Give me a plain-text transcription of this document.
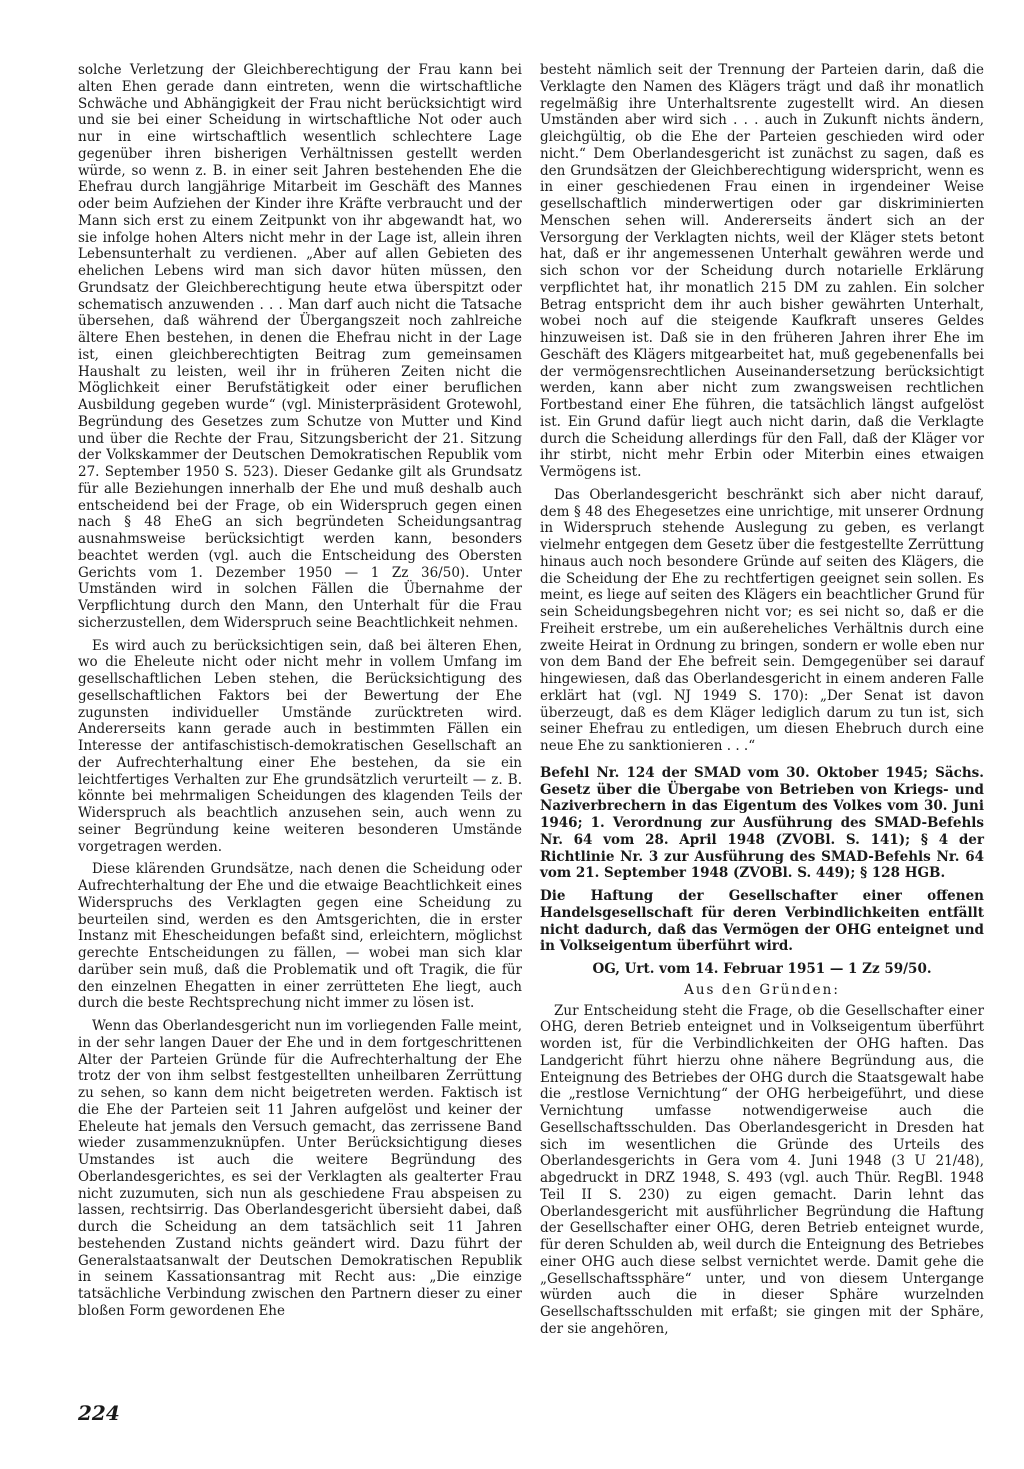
solche Verletzung der Gleichberechtigung der Frau kann bei alten Ehen gerade dann eintreten, wenn die wirtschaftliche Schwäche und Abhängigkeit der Frau nicht berücksichtigt wird und sie bei einer Scheidung in wirtschaftliche Not oder auch nur in eine wirtschaftlich wesentlich schlechtere Lage gegenüber ihren bisherigen Verhältnissen gestellt werden würde, so wenn z. B. in einer seit Jahren bestehenden Ehe die Ehefrau durch langjährige Mitarbeit im Geschäft des Mannes oder beim Aufziehen der Kinder ihre Kräfte verbraucht und der Mann sich erst zu einem Zeitpunkt von ihr abgewandt hat, wo sie infolge hohen Alters nicht mehr in der Lage ist, allein ihren Lebensunterhalt zu verdienen. „Aber auf allen Gebieten des ehelichen Lebens wird man sich davor hüten müssen, den Grundsatz der Gleichberechtigung heute etwa überspitzt oder schematisch anzuwenden . . . Man darf auch nicht die Tatsache übersehen, daß während der Übergangszeit noch zahlreiche ältere Ehen bestehen, in denen die Ehefrau nicht in der Lage ist, einen gleichberechtigten Beitrag zum gemeinsamen Haushalt zu leisten, weil ihr in früheren Zeiten nicht die Möglichkeit einer Berufstätigkeit oder einer beruflichen Ausbildung gegeben wurde“ (vgl. Ministerpräsident Grotewohl, Begründung des Gesetzes zum Schutze von Mutter und Kind und über die Rechte der Frau, Sitzungsbericht der 21. Sitzung der Volkskammer der Deutschen Demokratischen Republik vom 27. September 1950 S. 523). Dieser Gedanke gilt als Grundsatz für alle Beziehungen innerhalb der Ehe und muß deshalb auch entscheidend bei der Frage, ob ein Widerspruch gegen einen nach § 48 EheG an sich begründeten Scheidungsantrag ausnahmsweise berücksichtigt werden kann, besonders beachtet werden (vgl. auch die Entscheidung des Obersten Gerichts vom 1. Dezember 1950 — 1 Zz 36/50). Unter Umständen wird in solchen Fällen die Übernahme der Verpflichtung durch den Mann, den Unterhalt für die Frau sicherzustellen, dem Widerspruch seine Beachtlichkeit nehmen.

Es wird auch zu berücksichtigen sein, daß bei älteren Ehen, wo die Eheleute nicht oder nicht mehr in vollem Umfang im gesellschaftlichen Leben stehen, die Berücksichtigung des gesellschaftlichen Faktors bei der Bewertung der Ehe zugunsten individueller Umstände zurücktreten wird. Andererseits kann gerade auch in bestimmten Fällen ein Interesse der antifaschistisch-demokratischen Gesellschaft an der Aufrechterhaltung einer Ehe bestehen, da sie ein leichtfertiges Verhalten zur Ehe grundsätzlich verurteilt — z. B. könnte bei mehrmaligen Scheidungen des klagenden Teils der Widerspruch als beachtlich anzusehen sein, auch wenn zu seiner Begründung keine weiteren besonderen Umstände vorgetragen werden.

Diese klärenden Grundsätze, nach denen die Scheidung oder Aufrechterhaltung der Ehe und die etwaige Beachtlichkeit eines Widerspruchs des Verklagten gegen eine Scheidung zu beurteilen sind, werden es den Amtsgerichten, die in erster Instanz mit Ehescheidungen befaßt sind, erleichtern, möglichst gerechte Entscheidungen zu fällen, — wobei man sich klar darüber sein muß, daß die Problematik und oft Tragik, die für den einzelnen Ehegatten in einer zerrütteten Ehe liegt, auch durch die beste Rechtsprechung nicht immer zu lösen ist.

Wenn das Oberlandesgericht nun im vorliegenden Falle meint, in der sehr langen Dauer der Ehe und in dem fortgeschrittenen Alter der Parteien Gründe für die Aufrechterhaltung der Ehe trotz der von ihm selbst festgestellten unheilbaren Zerrüttung zu sehen, so kann dem nicht beigetreten werden. Faktisch ist die Ehe der Parteien seit 11 Jahren aufgelöst und keiner der Eheleute hat jemals den Versuch gemacht, das zerrissene Band wieder zusammenzuknüpfen. Unter Berücksichtigung dieses Umstandes ist auch die weitere Begründung des Oberlandesgerichtes, es sei der Verklagten als gealterter Frau nicht zuzumuten, sich nun als geschiedene Frau abspeisen zu lassen, rechtsirrig. Das Oberlandesgericht übersieht dabei, daß durch die Scheidung an dem tatsächlich seit 11 Jahren bestehenden Zustand nichts geändert wird. Dazu führt der Generalstaatsanwalt der Deutschen Demokratischen Republik in seinem Kassationsantrag mit Recht aus: „Die einzige tatsächliche Verbindung zwischen den Partnern dieser zu einer bloßen Form gewordenen Ehe

besteht nämlich seit der Trennung der Parteien darin, daß die Verklagte den Namen des Klägers trägt und daß ihr monatlich regelmäßig ihre Unterhaltsrente zugestellt wird. An diesen Umständen aber wird sich . . . auch in Zukunft nichts ändern, gleichgültig, ob die Ehe der Parteien geschieden wird oder nicht.“ Dem Oberlandesgericht ist zunächst zu sagen, daß es den Grundsätzen der Gleichberechtigung widerspricht, wenn es in einer geschiedenen Frau einen in irgendeiner Weise gesellschaftlich minderwertigen oder gar diskriminierten Menschen sehen will. Andererseits ändert sich an der Versorgung der Verklagten nichts, weil der Kläger stets betont hat, daß er ihr angemessenen Unterhalt gewähren werde und sich schon vor der Scheidung durch notarielle Erklärung verpflichtet hat, ihr monatlich 215 DM zu zahlen. Ein solcher Betrag entspricht dem ihr auch bisher gewährten Unterhalt, wobei noch auf die steigende Kaufkraft unseres Geldes hinzuweisen ist. Daß sie in den früheren Jahren ihrer Ehe im Geschäft des Klägers mitgearbeitet hat, muß gegebenenfalls bei der vermögensrechtlichen Auseinandersetzung berücksichtigt werden, kann aber nicht zum zwangsweisen rechtlichen Fortbestand einer Ehe führen, die tatsächlich längst aufgelöst ist. Ein Grund dafür liegt auch nicht darin, daß die Verklagte durch die Scheidung allerdings für den Fall, daß der Kläger vor ihr stirbt, nicht mehr Erbin oder Miterbin eines etwaigen Vermögens ist.

Das Oberlandesgericht beschränkt sich aber nicht darauf, dem § 48 des Ehegesetzes eine unrichtige, mit unserer Ordnung in Widerspruch stehende Auslegung zu geben, es verlangt vielmehr entgegen dem Gesetz über die festgestellte Zerrüttung hinaus auch noch besondere Gründe auf seiten des Klägers, die die Scheidung der Ehe zu rechtfertigen geeignet sein sollen. Es meint, es liege auf seiten des Klägers ein beachtlicher Grund für sein Scheidungsbegehren nicht vor; es sei nicht so, daß er die Freiheit erstrebe, um ein außereheliches Verhältnis durch eine zweite Heirat in Ordnung zu bringen, sondern er wolle eben nur von dem Band der Ehe befreit sein. Demgegenüber sei darauf hingewiesen, daß das Oberlandesgericht in einem anderen Falle erklärt hat (vgl. NJ 1949 S. 170): „Der Senat ist davon überzeugt, daß es dem Kläger lediglich darum zu tun ist, sich seiner Ehefrau zu entledigen, um diesen Ehebruch durch eine neue Ehe zu sanktionieren . . .“

Befehl Nr. 124 der SMAD vom 30. Oktober 1945; Sächs. Gesetz über die Übergabe von Betrieben von Kriegs- und Naziverbrechern in das Eigentum des Volkes vom 30. Juni 1946; 1. Verordnung zur Ausführung des SMAD-Befehls Nr. 64 vom 28. April 1948 (ZVOBl. S. 141); § 4 der Richtlinie Nr. 3 zur Ausführung des SMAD-Befehls Nr. 64 vom 21. September 1948 (ZVOBl. S. 449); § 128 HGB.

Die Haftung der Gesellschafter einer offenen Handelsgesellschaft für deren Verbindlichkeiten entfällt nicht dadurch, daß das Vermögen der OHG enteignet und in Volkseigentum überführt wird.

OG, Urt. vom 14. Februar 1951 — 1 Zz 59/50.

Aus den Gründen:

Zur Entscheidung steht die Frage, ob die Gesellschafter einer OHG, deren Betrieb enteignet und in Volkseigentum überführt worden ist, für die Verbindlichkeiten der OHG haften. Das Landgericht führt hierzu ohne nähere Begründung aus, die Enteignung des Betriebes der OHG durch die Staatsgewalt habe die „restlose Vernichtung“ der OHG herbeigeführt, und diese Vernichtung umfasse notwendigerweise auch die Gesellschaftsschulden. Das Oberlandesgericht in Dresden hat sich im wesentlichen die Gründe des Urteils des Oberlandesgerichts in Gera vom 4. Juni 1948 (3 U 21/48), abgedruckt in DRZ 1948, S. 493 (vgl. auch Thür. RegBl. 1948 Teil II S. 230) zu eigen gemacht. Darin lehnt das Oberlandesgericht mit ausführlicher Begründung die Haftung der Gesellschafter einer OHG, deren Betrieb enteignet wurde, für deren Schulden ab, weil durch die Enteignung des Betriebes einer OHG auch diese selbst vernichtet werde. Damit gehe die „Gesellschaftssphäre“ unter, und von diesem Untergange würden auch die in dieser Sphäre wurzelnden Gesellschaftsschulden mit erfaßt; sie gingen mit der Sphäre, der sie angehören,

224
